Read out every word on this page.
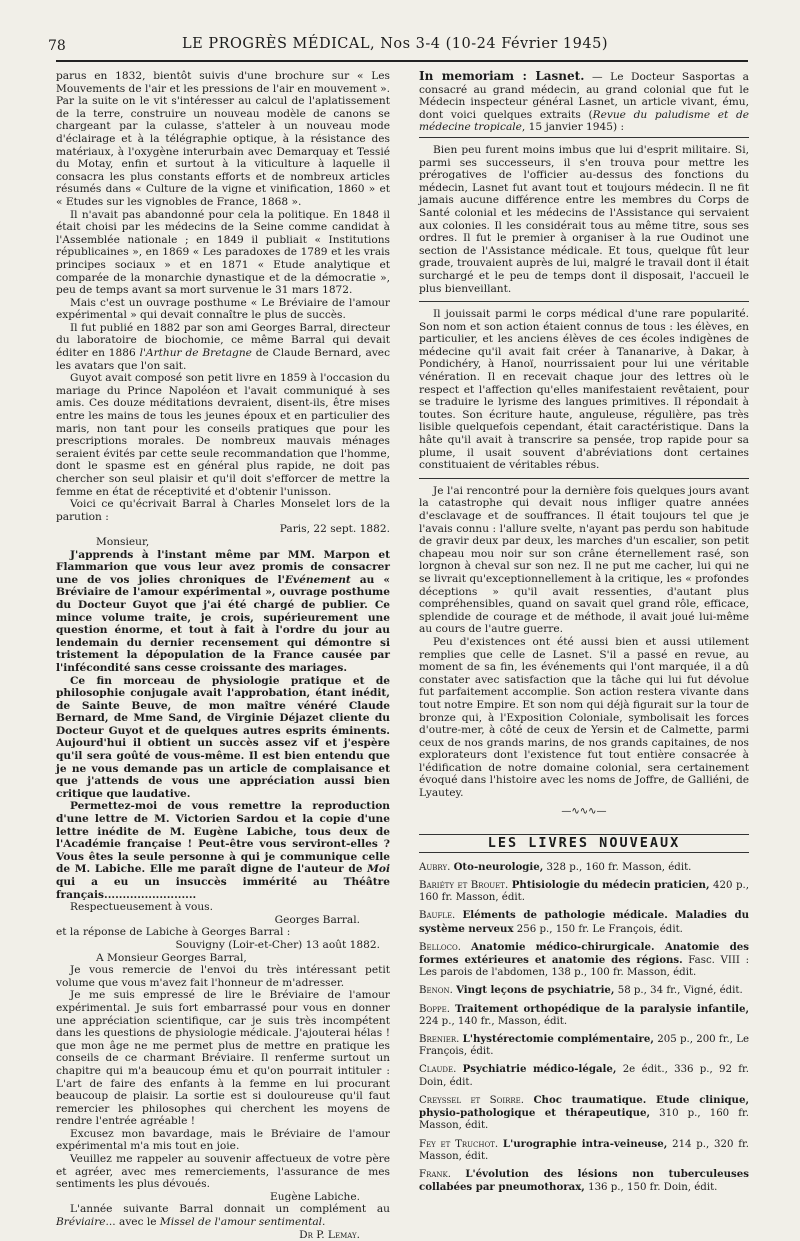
78	LE PROGRÈS MÉDICAL, Nos 3-4 (10-24 Février 1945)

parus en 1832, bientôt suivis d'une brochure sur « Les Mouvements de l'air et les pressions de l'air en mouvement ». Par la suite on le vit s'intéresser au calcul de l'aplatissement de la terre, construire un nouveau modèle de canons se chargeant par la culasse, s'atteler à un nouveau mode d'éclairage et à la télégraphie optique, à la résistance des matériaux, à l'oxygène interurbain avec Demarquay et Tessié du Motay, enfin et surtout à la viticulture à laquelle il consacra les plus constants efforts et de nombreux articles résumés dans « Culture de la vigne et vinification, 1860 » et « Etudes sur les vignobles de France, 1868 ».

Il n'avait pas abandonné pour cela la politique. En 1848 il était choisi par les médecins de la Seine comme candidat à l'Assemblée nationale ; en 1849 il publiait « Institutions républicaines », en 1869 « Les paradoxes de 1789 et les vrais principes sociaux » et en 1871 « Etude analytique et comparée de la monarchie dynastique et de la démocratie », peu de temps avant sa mort survenue le 31 mars 1872.

Mais c'est un ouvrage posthume « Le Bréviaire de l'amour expérimental » qui devait connaître le plus de succès.

Il fut publié en 1882 par son ami Georges Barral, directeur du laboratoire de biochomie, ce même Barral qui devait éditer en 1886 l'Arthur de Bretagne de Claude Bernard, avec les avatars que l'on sait.

Guyot avait composé son petit livre en 1859 à l'occasion du mariage du Prince Napoléon et l'avait communiqué à ses amis. Ces douze méditations devraient, disent-ils, être mises entre les mains de tous les jeunes époux et en particulier des maris, non tant pour les conseils pratiques que pour les prescriptions morales. De nombreux mauvais ménages seraient évités par cette seule recommandation que l'homme, dont le spasme est en général plus rapide, ne doit pas chercher son seul plaisir et qu'il doit s'efforcer de mettre la femme en état de réceptivité et d'obtenir l'unisson.

Voici ce qu'écrivait Barral à Charles Monselet lors de la parution :

Paris, 22 sept. 1882.

Monsieur,

J'apprends à l'instant même par MM. Marpon et Flammarion que vous leur avez promis de consacrer une de vos jolies chroniques de l'Evénement au « Bréviaire de l'amour expérimental », ouvrage posthume du Docteur Guyot que j'ai été chargé de publier. Ce mince volume traite, je crois, supérieurement une question énorme, et tout à fait à l'ordre du jour au lendemain du dernier recensement qui démontre si tristement la dépopulation de la France causée par l'infécondité sans cesse croissante des mariages.

Ce fin morceau de physiologie pratique et de philosophie conjugale avait l'approbation, étant inédit, de Sainte Beuve, de mon maître vénéré Claude Bernard, de Mme Sand, de Virginie Déjazet cliente du Docteur Guyot et de quelques autres esprits éminents. Aujourd'hui il obtient un succès assez vif et j'espère qu'il sera goûté de vous-même. Il est bien entendu que je ne vous demande pas un article de complaisance et que j'attends de vous une appréciation aussi bien critique que laudative.

Permettez-moi de vous remettre la reproduction d'une lettre de M. Victorien Sardou et la copie d'une lettre inédite de M. Eugène Labiche, tous deux de l'Académie française ! Peut-être vous serviront-elles ? Vous êtes la seule personne à qui je communique celle de M. Labiche. Elle me paraît digne de l'auteur de Moi qui a eu un insuccès immérité au Théâtre français.........................

Respectueusement à vous.

Georges Barral.

et la réponse de Labiche à Georges Barral :

Souvigny (Loir-et-Cher) 13 août 1882.

A Monsieur Georges Barral,

Je vous remercie de l'envoi du très intéressant petit volume que vous m'avez fait l'honneur de m'adresser.

Je me suis empressé de lire le Bréviaire de l'amour expérimental. Je suis fort embarrassé pour vous en donner une appréciation scientifique, car je suis très incompétent dans les questions de physiologie médicale. J'ajouterai hélas ! que mon âge ne me permet plus de mettre en pratique les conseils de ce charmant Bréviaire. Il renferme surtout un chapitre qui m'a beaucoup ému et qu'on pourrait intituler : L'art de faire des enfants à la femme en lui procurant beaucoup de plaisir. La sortie est si douloureuse qu'il faut remercier les philosophes qui cherchent les moyens de rendre l'entrée agréable !

Excusez mon bavardage, mais le Bréviaire de l'amour expérimental m'a mis tout en joie.

Veuillez me rappeler au souvenir affectueux de votre père et agréer, avec mes remerciements, l'assurance de mes sentiments les plus dévoués.

Eugène Labiche.

L'année suivante Barral donnait un complément au Bréviaire... avec le Missel de l'amour sentimental.

Dr P. Lemay.

In memoriam : Lasnet. — Le Docteur Sasportas a consacré au grand médecin, au grand colonial que fut le Médecin inspecteur général Lasnet, un article vivant, ému, dont voici quelques extraits (Revue du paludisme et de médecine tropicale, 15 janvier 1945) :

Bien peu furent moins imbus que lui d'esprit militaire. Si, parmi ses successeurs, il s'en trouva pour mettre les prérogatives de l'officier au-dessus des fonctions du médecin, Lasnet fut avant tout et toujours médecin. Il ne fit jamais aucune différence entre les membres du Corps de Santé colonial et les médecins de l'Assistance qui servaient aux colonies. Il les considérait tous au même titre, sous ses ordres. Il fut le premier à organiser à la rue Oudinot une section de l'Assistance médicale. Et tous, quelque fût leur grade, trouvaient auprès de lui, malgré le travail dont il était surchargé et le peu de temps dont il disposait, l'accueil le plus bienveillant.

Il jouissait parmi le corps médical d'une rare popularité. Son nom et son action étaient connus de tous : les élèves, en particulier, et les anciens élèves de ces écoles indigènes de médecine qu'il avait fait créer à Tananarive, à Dakar, à Pondichéry, à Hanoï, nourrissaient pour lui une véritable vénération. Il en recevait chaque jour des lettres où le respect et l'affection qu'elles manifestaient revêtaient, pour se traduire le lyrisme des langues primitives. Il répondait à toutes. Son écriture haute, anguleuse, régulière, pas très lisible quelquefois cependant, était caractéristique. Dans la hâte qu'il avait à transcrire sa pensée, trop rapide pour sa plume, il usait souvent d'abréviations dont certaines constituaient de véritables rébus.

Je l'ai rencontré pour la dernière fois quelques jours avant la catastrophe qui devait nous infliger quatre années d'esclavage et de souffrances. Il était toujours tel que je l'avais connu : l'allure svelte, n'ayant pas perdu son habitude de gravir deux par deux, les marches d'un escalier, son petit chapeau mou noir sur son crâne éternellement rasé, son lorgnon à cheval sur son nez. Il ne put me cacher, lui qui ne se livrait qu'exceptionnellement à la critique, les « profondes déceptions » qu'il avait ressenties, d'autant plus compréhensibles, quand on savait quel grand rôle, efficace, splendide de courage et de méthode, il avait joué lui-même au cours de l'autre guerre.

Peu d'existences ont été aussi bien et aussi utilement remplies que celle de Lasnet. S'il a passé en revue, au moment de sa fin, les événements qui l'ont marquée, il a dû constater avec satisfaction que la tâche qui lui fut dévolue fut parfaitement accomplie. Son action restera vivante dans tout notre Empire. Et son nom qui déjà figurait sur la tour de bronze qui, à l'Exposition Coloniale, symbolisait les forces d'outre-mer, à côté de ceux de Yersin et de Calmette, parmi ceux de nos grands marins, de nos grands capitaines, de nos explorateurs dont l'existence fut tout entière consacrée à l'édification de notre domaine colonial, sera certainement évoqué dans l'histoire avec les noms de Joffre, de Galliéni, de Lyautey.

—∿∿∿—
LES LIVRES NOUVEAUX

Aubry. Oto-neurologie, 328 p., 160 fr. Masson, édit.

Bariéty et Brouet. Phtisiologie du médecin praticien, 420 p., 160 fr. Masson, édit.

Baufle. Eléments de pathologie médicale. Maladies du système nerveux 256 p., 150 fr. Le François, édit.

Belloco. Anatomie médico-chirurgicale. Anatomie des formes extérieures et anatomie des régions. Fasc. VIII : Les parois de l'abdomen, 138 p., 100 fr. Masson, édit.

Benon. Vingt leçons de psychiatrie, 58 p., 34 fr., Vigné, édit.

Boppe. Traitement orthopédique de la paralysie infantile, 224 p., 140 fr., Masson, édit.

Brenier. L'hystérectomie complémentaire, 205 p., 200 fr., Le François, édit.

Claude. Psychiatrie médico-légale, 2e édit., 336 p., 92 fr. Doin, édit.

Creyssel et Soirre. Choc traumatique. Etude clinique, physio-pathologique et thérapeutique, 310 p., 160 fr. Masson, édit.

Fey et Truchot. L'urographie intra-veineuse, 214 p., 320 fr. Masson, édit.

Frank. L'évolution des lésions non tuberculeuses collabées par pneumothorax, 136 p., 150 fr. Doin, édit.
